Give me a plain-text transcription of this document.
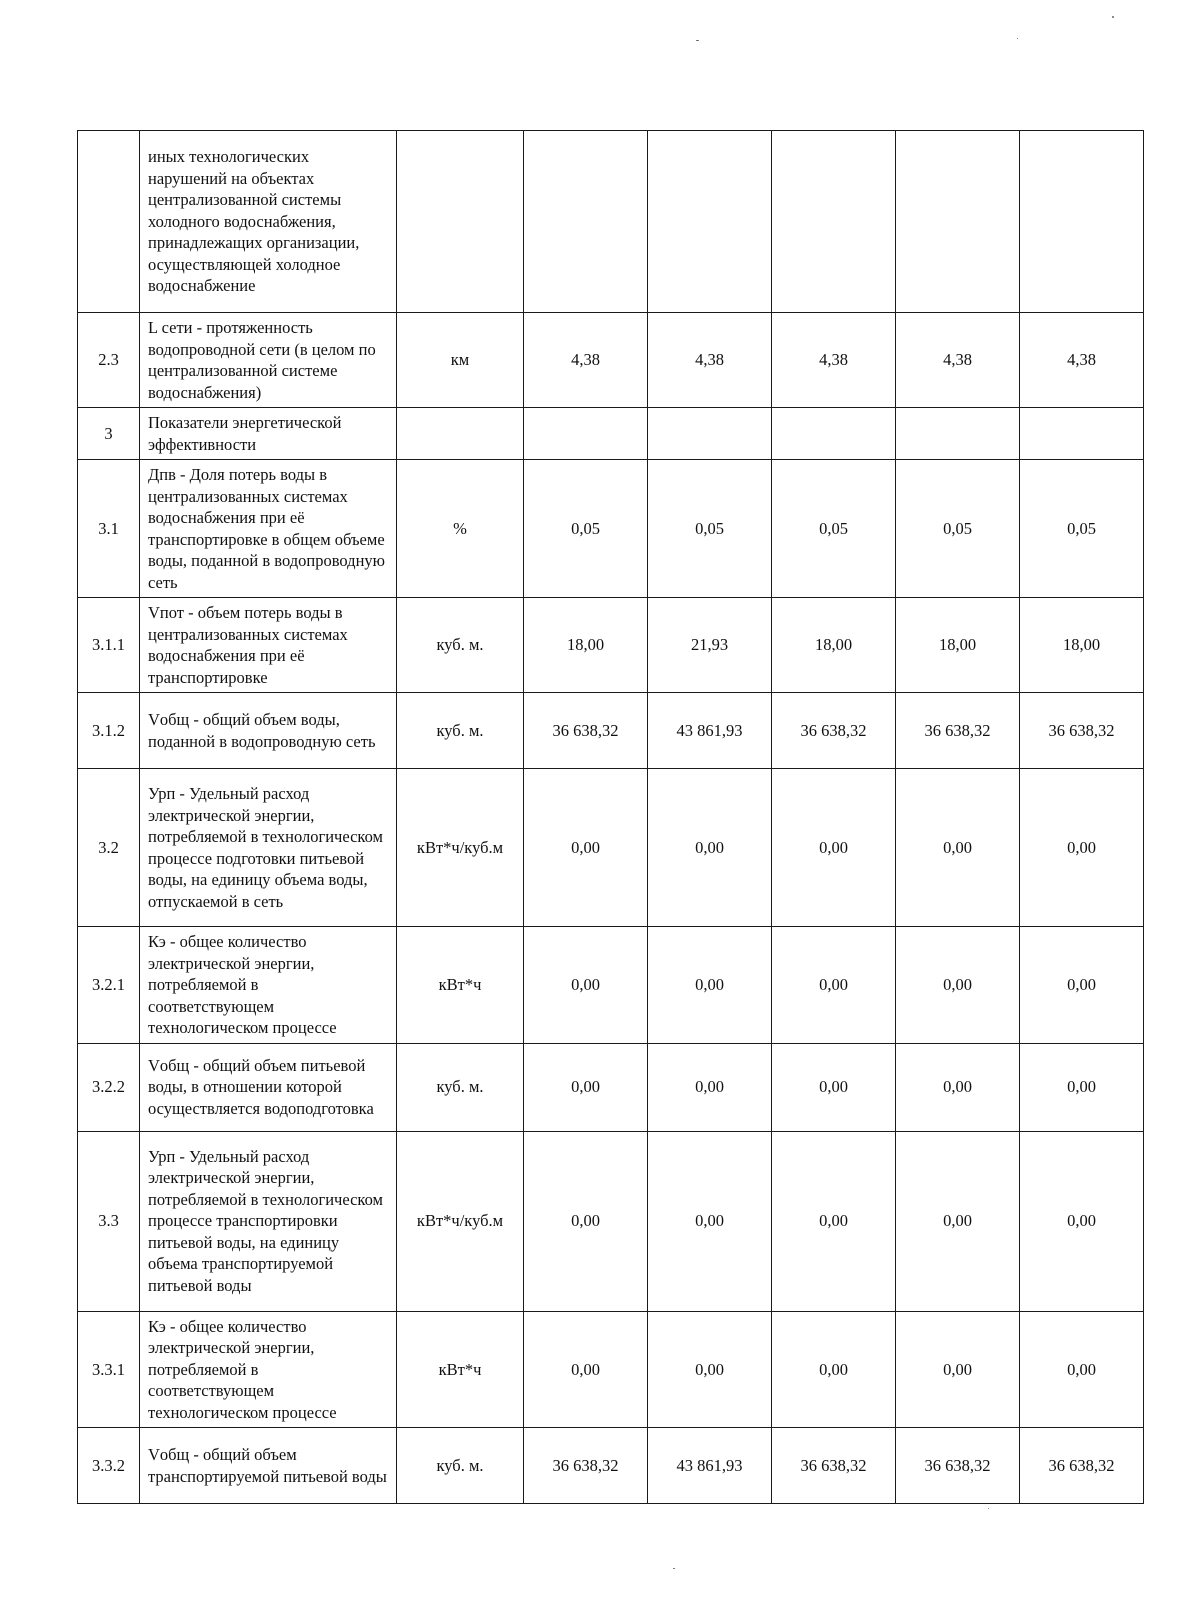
	иных технологических нарушений на объектах централизованной системы холодного водоснабжения, принадлежащих организации, осуществляющей холодное водоснабжение						
2.3	L сети - протяженность водопроводной сети (в целом по централизованной системе водоснабжения)	км	4,38	4,38	4,38	4,38	4,38
3	Показатели энергетической эффективности						
3.1	Дпв - Доля потерь воды в централизованных системах водоснабжения при её транспортировке в общем объеме воды, поданной в водопроводную сеть	%	0,05	0,05	0,05	0,05	0,05
3.1.1	Vпот - объем потерь воды в централизованных системах водоснабжения при её транспортировке	куб. м.	18,00	21,93	18,00	18,00	18,00
3.1.2	Vобщ - общий объем воды, поданной в водопроводную сеть	куб. м.	36 638,32	43 861,93	36 638,32	36 638,32	36 638,32
3.2	Урп - Удельный расход электрической энергии, потребляемой в технологическом процессе подготовки питьевой воды, на единицу объема воды, отпускаемой в сеть	кВт*ч/куб.м	0,00	0,00	0,00	0,00	0,00
3.2.1	Кэ - общее количество электрической энергии, потребляемой в соответствующем технологическом процессе	кВт*ч	0,00	0,00	0,00	0,00	0,00
3.2.2	Vобщ - общий объем питьевой воды, в отношении которой осуществляется водоподготовка	куб. м.	0,00	0,00	0,00	0,00	0,00
3.3	Урп - Удельный расход электрической энергии, потребляемой в технологическом процессе транспортировки питьевой воды, на единицу объема транспортируемой питьевой воды	кВт*ч/куб.м	0,00	0,00	0,00	0,00	0,00
3.3.1	Кэ - общее количество электрической энергии, потребляемой в соответствующем технологическом процессе	кВт*ч	0,00	0,00	0,00	0,00	0,00
3.3.2	Vобщ - общий объем транспортируемой питьевой воды	куб. м.	36 638,32	43 861,93	36 638,32	36 638,32	36 638,32
